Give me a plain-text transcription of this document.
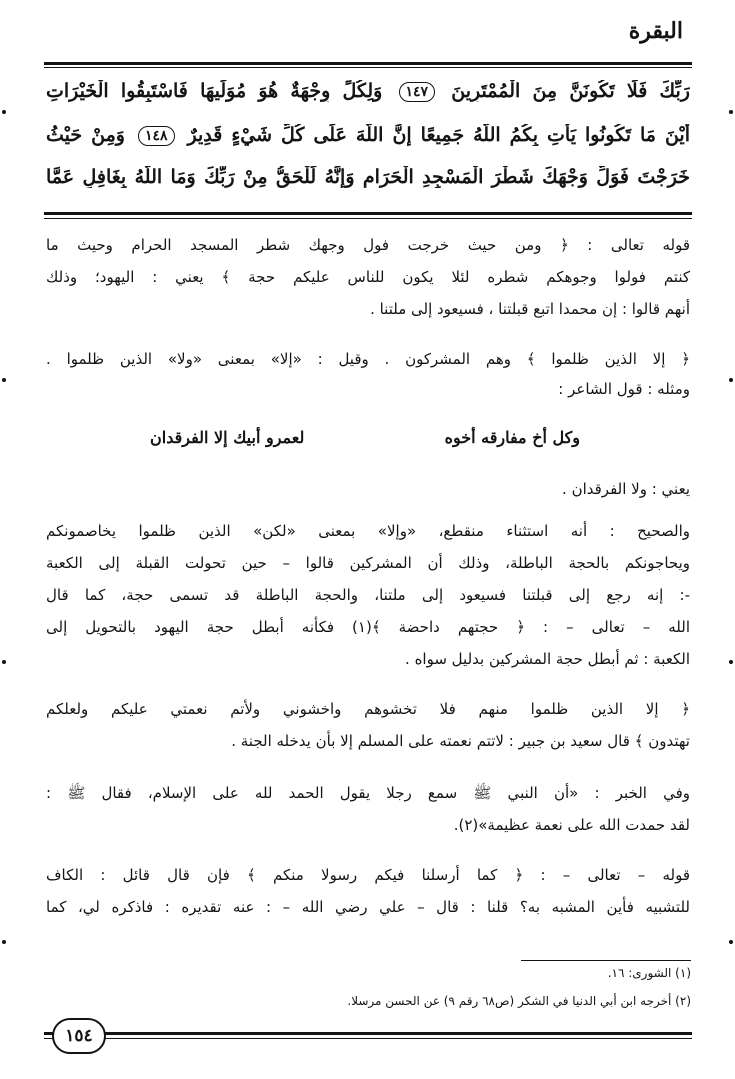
البقرة
رَبِّكَ فَلَا تَكُونَنَّ مِنَ الْمُمْتَرِينَ ١٤٧ وَلِكُلٍّ وِجْهَةٌ هُوَ مُوَلِّيهَا فَاسْتَبِقُوا الْخَيْرَاتِ
أَيْنَ مَا تَكُونُوا يَأْتِ بِكُمُ اللَّهُ جَمِيعًا إِنَّ اللَّهَ عَلَى كُلِّ شَيْءٍ قَدِيرٌ ١٤٨ وَمِنْ حَيْثُ
خَرَجْتَ فَوَلِّ وَجْهَكَ شَطْرَ الْمَسْجِدِ الْحَرَامِ وَإِنَّهُ لَلْحَقُّ مِنْ رَبِّكَ وَمَا اللَّهُ بِغَافِلٍ عَمَّا
قوله تعالى : ﴿ ومن حيث خرجت فول وجهك شطر المسجد الحرام وحيث ما
كنتم فولوا وجوهكم شطره لئلا يكون للناس عليكم حجة ﴾ يعني : اليهود؛ وذلك
أنهم قالوا : إن محمدا اتبع قبلتنا ، فسيعود إلى ملتنا .
﴿ إلا الذين ظلموا ﴾ وهم المشركون . وقيل : «إلا» بمعنى «ولا» الذين ظلموا .
ومثله : قول الشاعر :
يعني : ولا الفرقدان .
والصحيح : أنه استثناء منقطع، «وإلا» بمعنى «لكن» الذين ظلموا يخاصمونكم
ويحاجونكم بالحجة الباطلة، وذلك أن المشركين قالوا – حين تحولت القبلة إلى الكعبة
-: إنه رجع إلى قبلتنا فسيعود إلى ملتنا، والحجة الباطلة قد تسمى حجة، كما قال
الله – تعالى – : ﴿ حجتهم داحضة ﴾(١) فكأنه أبطل حجة اليهود بالتحويل إلى
الكعبة : ثم أبطل حجة المشركين بدليل سواه .
﴿ إلا الذين ظلموا منهم فلا تخشوهم واخشوني ولأتم نعمتي عليكم ولعلكم
تهتدون ﴾ قال سعيد بن جبير : لاتتم نعمته على المسلم إلا بأن يدخله الجنة .
وفي الخبر : «أن النبي ﷺ سمع رجلا يقول الحمد لله على الإسلام، فقال ﷺ :
لقد حمدت الله على نعمة عظيمة»(٢).
قوله – تعالى – : ﴿ كما أرسلنا فيكم رسولا منكم ﴾ فإن قال قائل : الكاف
للتشبيه فأين المشبه به؟ قلنا : قال – علي رضي الله – : عنه تقديره : فاذكره لي، كما
وكل أخ مفارقه أخوه
لعمرو أبيك إلا الفرقدان
(١) الشورى: ١٦.
(٢) أخرجه ابن أبي الدنيا في الشكر (ص٦٨ رقم ٩) عن الحسن مرسلا.
١٥٤
